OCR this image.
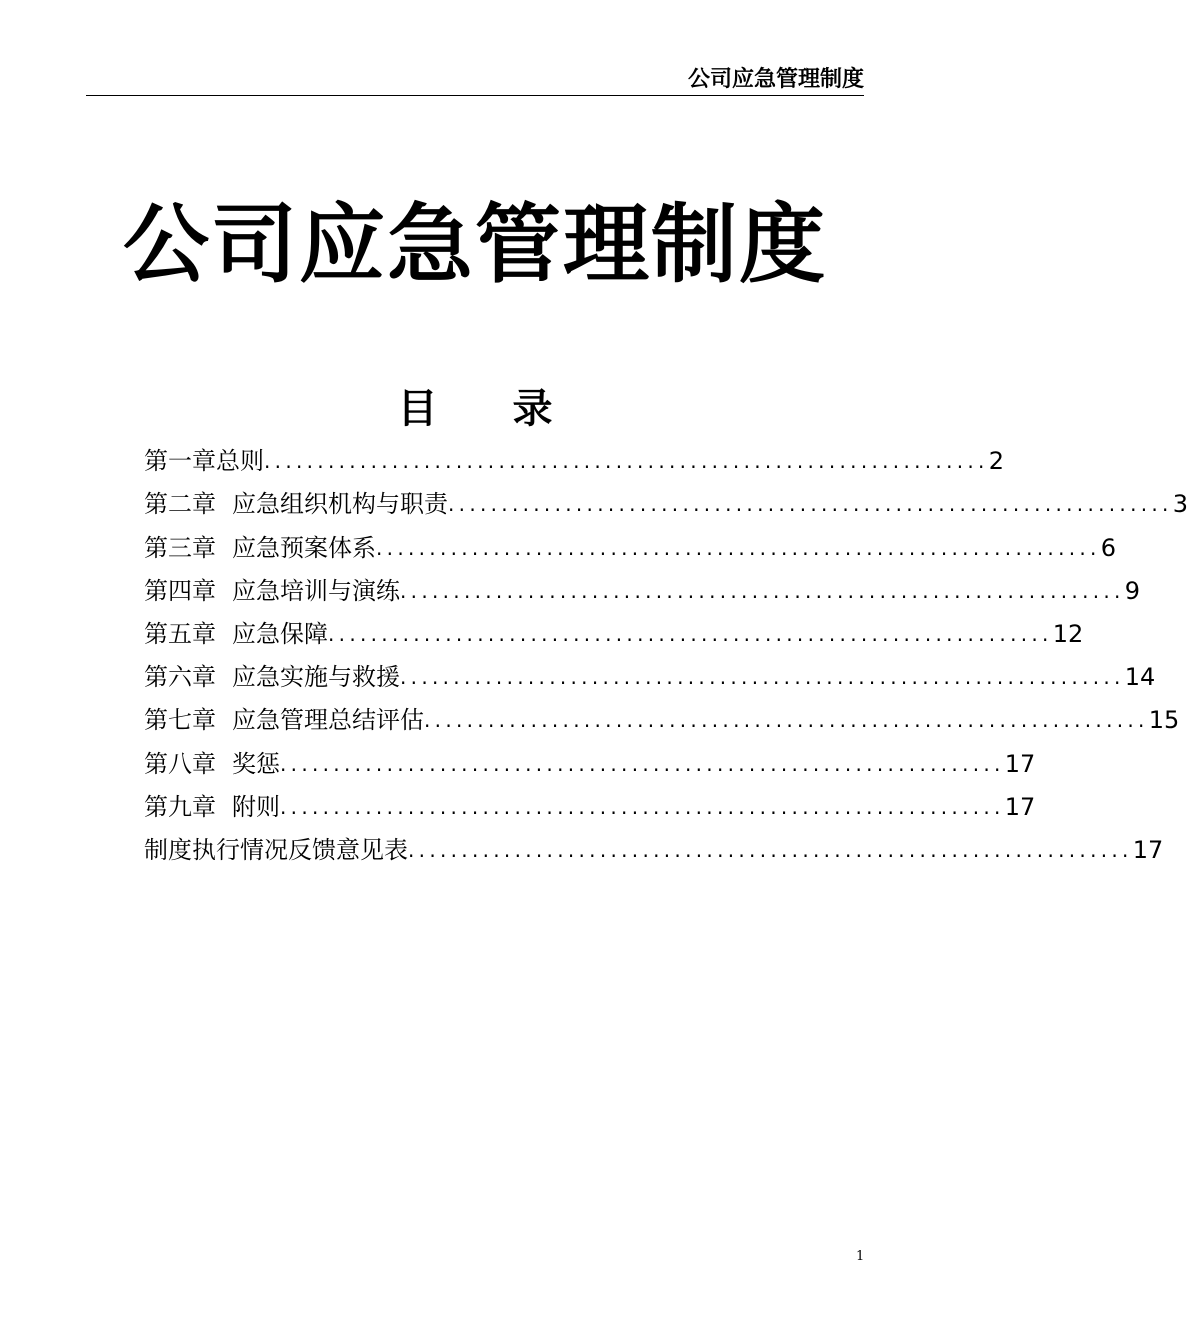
公司应急管理制度
公司应急管理制度
目录
第一章总则 .................................................................... 2
第二章 应急组织机构与职责 .................................................................... 3
第三章 应急预案体系 .................................................................... 6
第四章 应急培训与演练 .................................................................... 9
第五章 应急保障 .................................................................... 12
第六章 应急实施与救援 .................................................................... 14
第七章 应急管理总结评估 .................................................................... 15
第八章 奖惩 .................................................................... 17
第九章 附则 .................................................................... 17
制度执行情况反馈意见表 .................................................................... 17
1
